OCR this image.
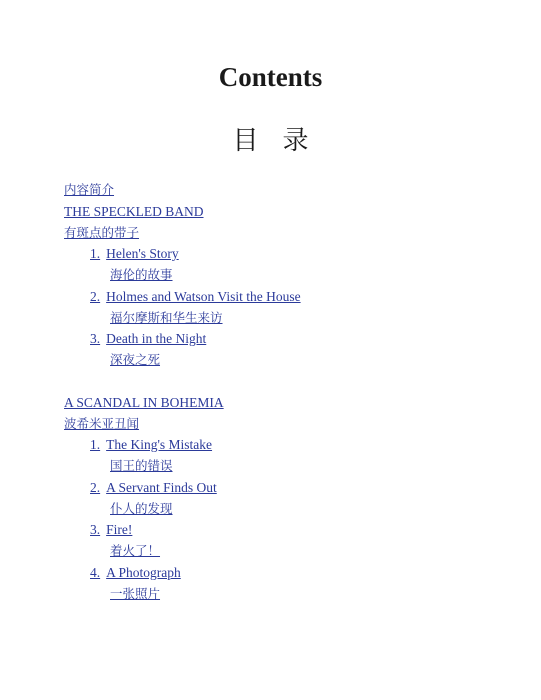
Contents
目录
内容简介
THE SPECKLED BAND
有斑点的带子
1. Helen's Story
海伦的故事
2. Holmes and Watson Visit the House
福尔摩斯和华生来访
3. Death in the Night
深夜之死
A SCANDAL IN BOHEMIA
波希米亚丑闻
1. The King's Mistake
国王的错误
2. A Servant Finds Out
仆人的发现
3. Fire!
着火了！
4. A Photograph
一张照片
